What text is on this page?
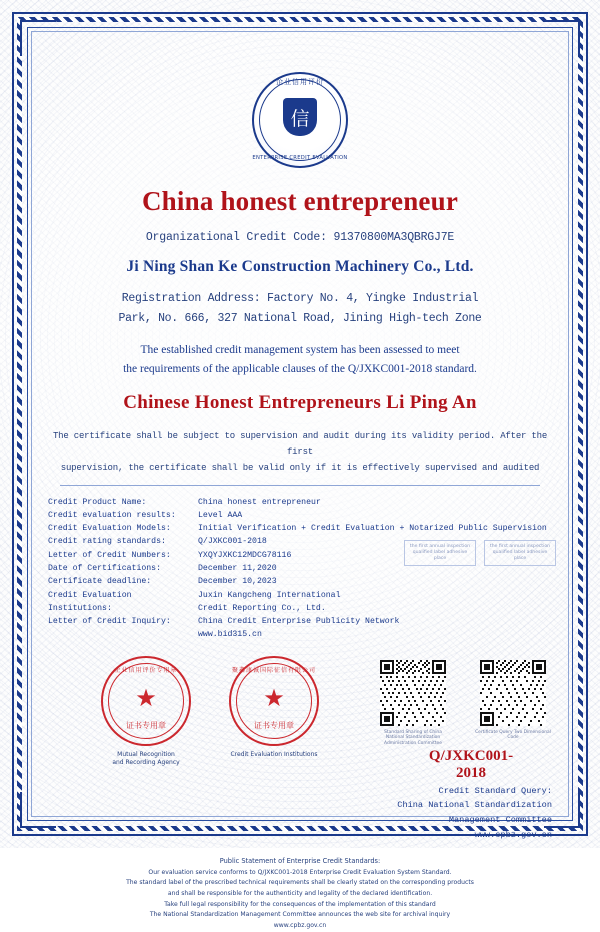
企业信用评价
信
ENTERPRISE CREDIT EVALUATION
China honest entrepreneur
Organizational Credit Code: 91370800MA3QBRGJ7E
Ji Ning Shan Ke Construction Machinery Co., Ltd.
Registration Address: Factory No. 4, Yingke Industrial
Park, No. 666, 327 National Road, Jining High-tech Zone
The established credit management system has been assessed to meet
the requirements of the applicable clauses of the Q/JXKC001-2018 standard.
Chinese Honest Entrepreneurs Li Ping An
The certificate shall be subject to supervision and audit during its validity period. After the first
supervision, the certificate shall be valid only if it is effectively supervised and audited
Credit Product Name:	China honest entrepreneur
Credit evaluation results:	Level AAA
Credit Evaluation Models:	Initial Verification + Credit Evaluation + Notarized Public Supervision
Credit rating standards:	Q/JXKC001-2018
Letter of Credit Numbers:	YXQYJXKC12MDCG78116
Date of Certifications:	December 11,2020
Certificate deadline:	December 10,2023
Credit Evaluation Institutions:
Juxin Kangcheng International
Credit Reporting Co., Ltd.
Letter of Credit Inquiry:	China Credit Enterprise Publicity Network
www.bid315.cn
the first annual inspection qualified label adhesive place
the first annual inspection qualified label adhesive place
企业信用评价专用章
★
证书专用章
Mutual Recognition
and Recording Agency
聚鑫康诚国际征信有限公司
★
证书专用章
Credit Evaluation Institutions
Standard Sharing of China National Standardization Administration Committee
Certificate Query Two Dimensional Code
Q/JXKC001-
2018
Credit Standard Query:
China National Standardization
Management Committee
www.cpbz.gov.cn
Public Statement of Enterprise Credit Standards:
Our evaluation service conforms to Q/JXKC001-2018 Enterprise Credit Evaluation System Standard.
The standard label of the prescribed technical requirements shall be clearly stated on the corresponding products
and shall be responsible for the authenticity and legality of the declared identification.
Take full legal responsibility for the consequences of the implementation of this standard
The National Standardization Management Committee announces the web site for archival inquiry
www.cpbz.gov.cn
